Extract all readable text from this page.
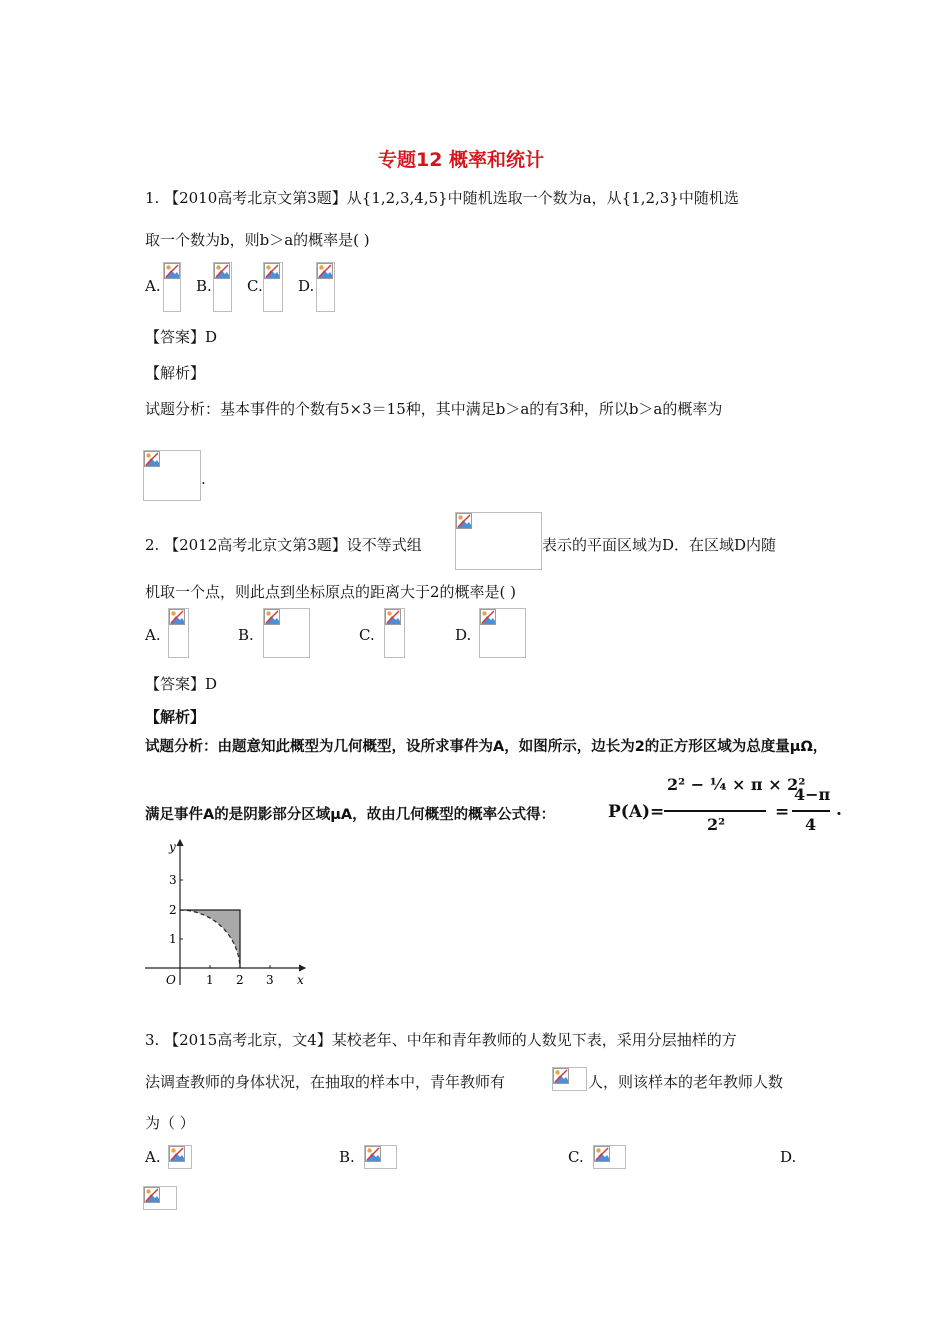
专题12 概率和统计
1. 【2010高考北京文第3题】从{1,2,3,4,5}中随机选取一个数为a，从{1,2,3}中随机选
取一个数为b，则b＞a的概率是( )
A. B. C. D.
【答案】D
【解析】
试题分析：基本事件的个数有5×3＝15种，其中满足b＞a的有3种，所以b＞a的概率为
.
2. 【2012高考北京文第3题】设不等式组	表示的平面区域为D．在区域D内随
机取一个点，则此点到坐标原点的距离大于2的概率是( )
A.	B.	C.	D.
【答案】D
【解析】
试题分析：由题意知此概型为几何概型，设所求事件为A，如图所示，边长为2的正方形区域为总度量μΩ，
满足事件A的是阴影部分区域μA，故由几何概型的概率公式得：	P(A)=
2² − ¼ × π × 2²
2²
=
4−π
4
.
1 2 3
1
2
3
x
y
O
3. 【2015高考北京，文4】某校老年、中年和青年教师的人数见下表，采用分层抽样的方
法调查教师的身体状况，在抽取的样本中，青年教师有	人，则该样本的老年教师人数
为（ ）
A.	B.	C.	D.
